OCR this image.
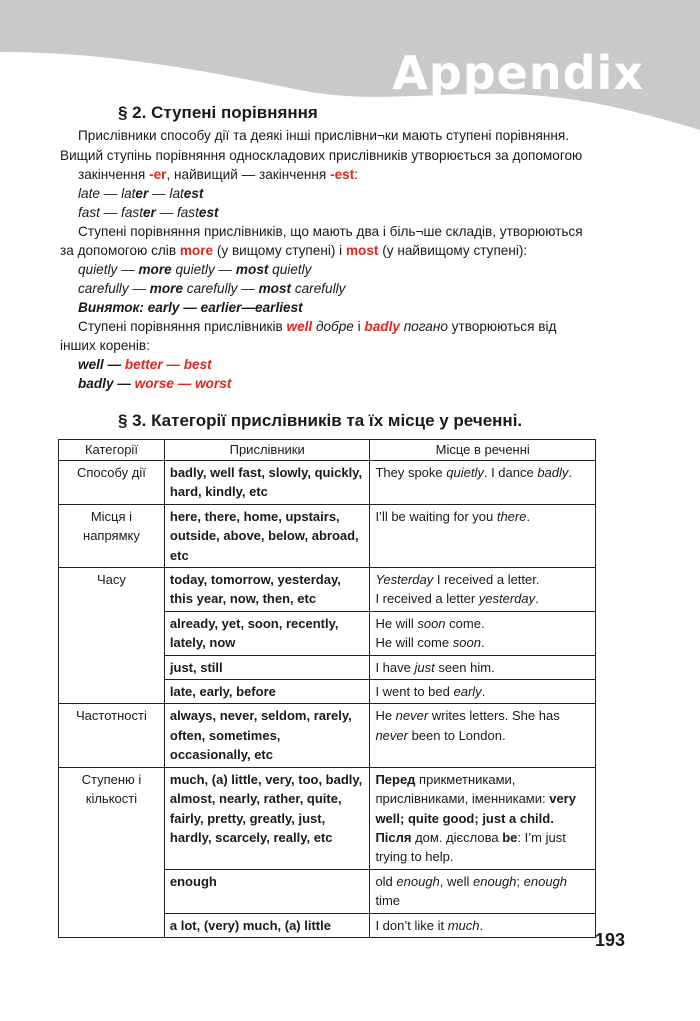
Appendix
§ 2. Ступені порівняння
Прислівники способу дії та деякі інші прислівни¬ки мають ступені порівняння.
Вищий ступінь порівняння односкладових прислівників утворюється за допомогою
закінчення -er, найвищий — закінчення -est:
late — later — latest
fast — faster — fastest
Ступені порівняння прислівників, що мають два і біль¬ше складів, утворюються
за допомогою слів more (у вищому ступені) і most (у найвищому ступені):
quietly — more quietly — most quietly
carefully — more carefully — most carefully
Виняток: early — earlier—earliest
Ступені порівняння прислівників well добре і badly погано утворюються від
інших коренів:
well — better — best
badly — worse — worst
§ 3. Категорії прислівників та їх місце у реченні.
Категорії	Прислівники	Місце в реченні
Способу дії	badly, well fast, slowly, quickly, hard, kindly, etc	They spoke quietly. I dance badly.
Місця і
напрямку	here, there, home, upstairs, outside, above, below, abroad, etc	I’ll be waiting for you there.
Часу	today, tomorrow, yesterday, this year, now, then, etc	Yesterday I received a letter.
I received a letter yesterday.
	already, yet, soon, recently, lately, now	He will soon come.
He will come soon.
	just, still	I have just seen him.
	late, early, before	I went to bed early.
Частотності	always, never, seldom, rarely, often, sometimes, occasionally, etc	He never writes letters. She has never been to London.
Ступеню і
кількості	much, (a) little, very, too, badly, almost, nearly, rather, quite, fairly, pretty, greatly, just, hardly, scarcely, really, etc	Перед прикметниками, прислівниками, іменниками: very well; quite good; just a child. Після дом. дієслова be: I’m just trying to help.
	enough	old enough, well enough; enough time
	a lot, (very) much, (a) little	I don’t like it much.
193
